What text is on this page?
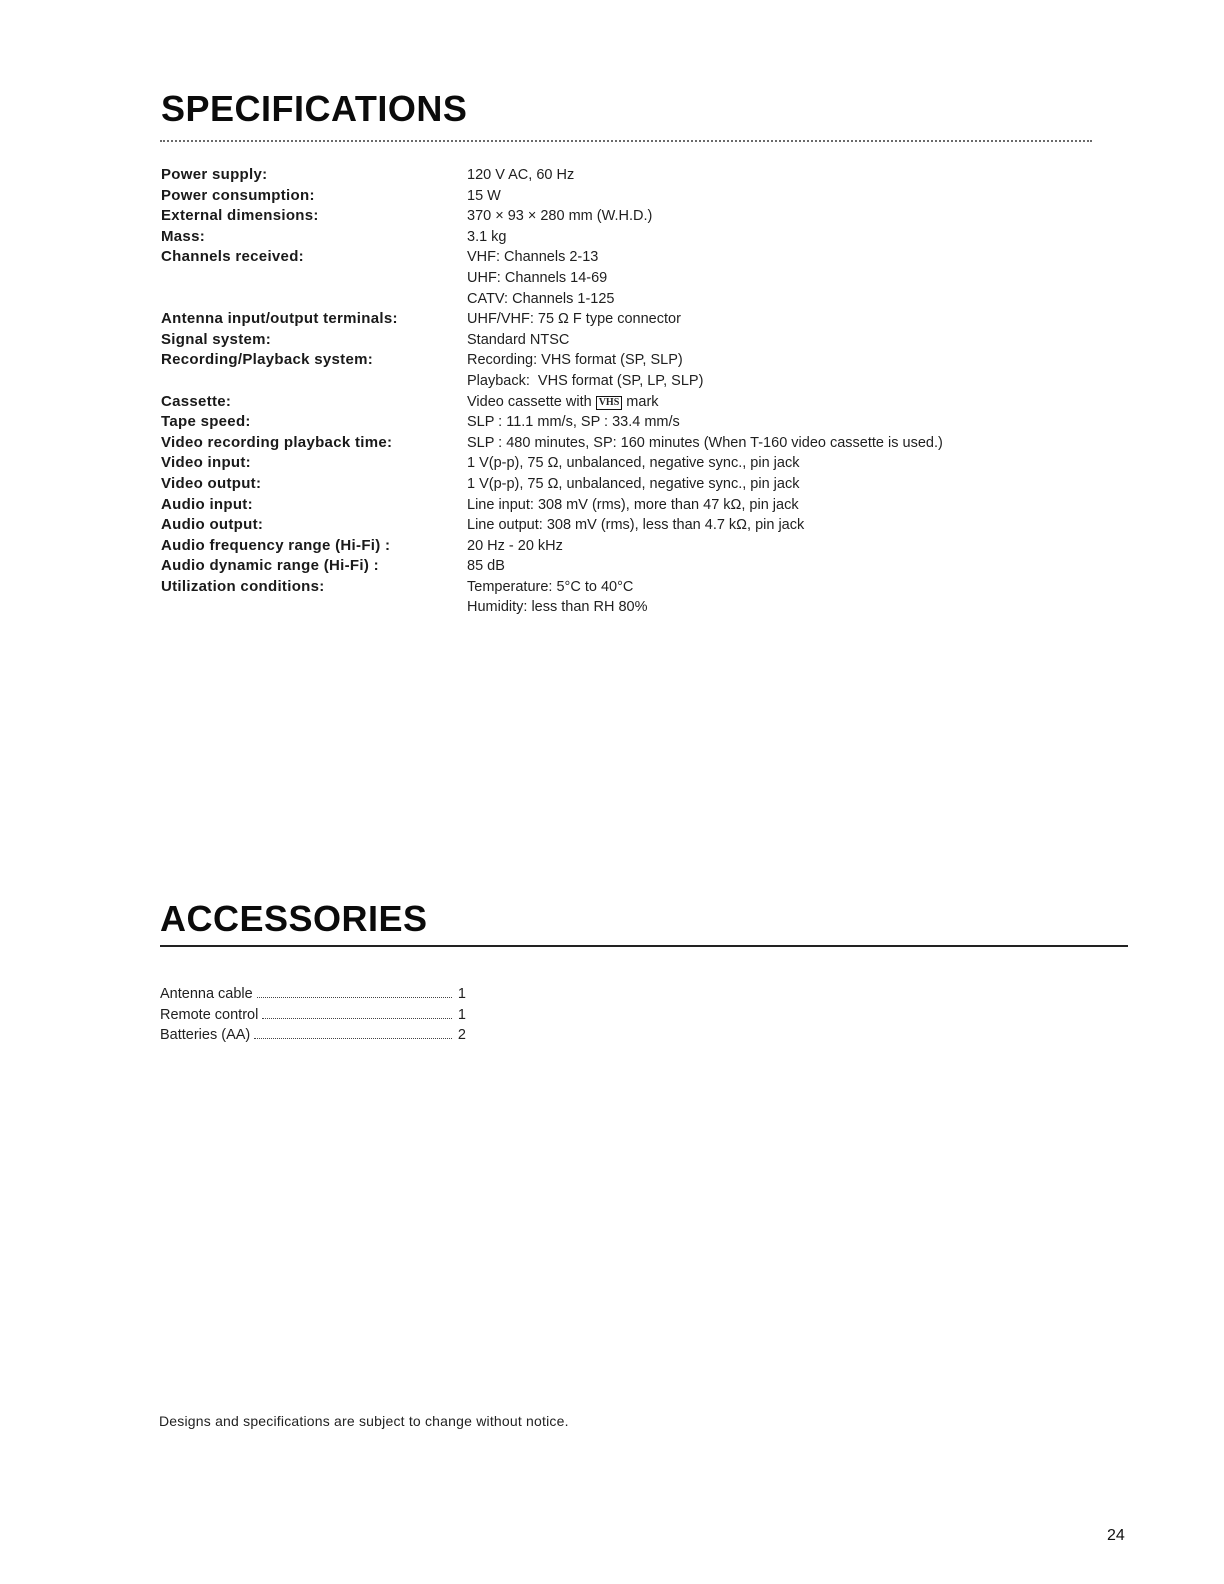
SPECIFICATIONS
Power supply:	120 V AC, 60 Hz
Power consumption:	15 W
External dimensions:	370 × 93 × 280 mm (W.H.D.)
Mass:	3.1 kg
Channels received:	VHF: Channels 2-13
UHF: Channels 14-69
CATV: Channels 1-125
Antenna input/output terminals:	UHF/VHF: 75 Ω F type connector
Signal system:	Standard NTSC
Recording/Playback system:	Recording: VHS format (SP, SLP)
Playback:  VHS format (SP, LP, SLP)
Cassette:	Video cassette with VHS mark
Tape speed:	SLP : 11.1 mm/s, SP : 33.4 mm/s
Video recording playback time:	SLP : 480 minutes, SP: 160 minutes (When T-160 video cassette is used.)
Video input:	1 V(p-p), 75 Ω, unbalanced, negative sync., pin jack
Video output:	1 V(p-p), 75 Ω, unbalanced, negative sync., pin jack
Audio input:	Line input: 308 mV (rms), more than 47 kΩ, pin jack
Audio output:	Line output: 308 mV (rms), less than 4.7 kΩ, pin jack
Audio frequency range (Hi-Fi) :	20 Hz - 20 kHz
Audio dynamic range (Hi-Fi) :	85 dB
Utilization conditions:	Temperature: 5°C to 40°C
Humidity: less than RH 80%
ACCESSORIES
Antenna cable	1
Remote control	1
Batteries (AA)	2
Designs and specifications are subject to change without notice.
24
